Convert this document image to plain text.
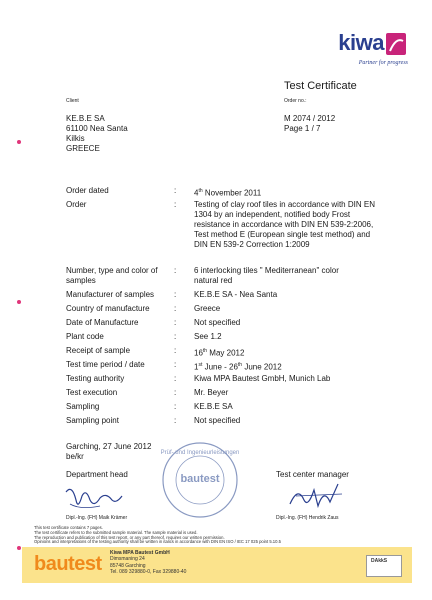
kiwa
Partner for progress
Test Certificate
Order no.:
Client
KE.B.E SA
61100 Nea Santa
Kilkis
GREECE
M 2074 / 2012
Page 1 / 7
Order dated	: 4th November 2011
Order	: Testing of clay roof tiles in accordance with DIN EN 1304 by an independent, notified body Frost resistance in accordance with DIN EN 539-2:2006, Test method E (European single test method) and DIN EN 539-2 Correction 1:2009
Number, type and color of samples
: 6 interlocking tiles " Mediterranean" color natural red
Manufacturer of samples	: KE.B.E SA - Nea Santa
Country of manufacture	: Greece
Date of Manufacture	: Not specified
Plant code	: See 1.2
Receipt of sample	: 16th May 2012
Test time period / date	: 1st June - 26th June 2012
Testing authority	: Kiwa MPA Bautest GmbH, Munich Lab
Test execution	: Mr. Beyer
Sampling	: KE.B.E SA
Sampling point	: Not specified
Garching, 27 June 2012
be/kr
Department head
Dipl.-Ing. (FH) Maik Krämer
Prüf- und Ingenieurleistungen
bautest	Test center manager
Dipl.-Ing. (FH) Hendrik Zaus
This test certificate contains 7 pages.
The test certificate refers to the submitted sample material. The sample material is used.
The reproduction and publication of this test report, or any part thereof, requires our written permission.
Opinions and interpretations of the testing authority shall be written in italics in accordance with DIN EN ISO / IEC 17 025 point 5.10.5
bautest Kiwa MPA Bautest GmbH
Dimsmaning 24
85748 Garching
Tel. 089 329880-0, Fax 329880-40
DAkkS
